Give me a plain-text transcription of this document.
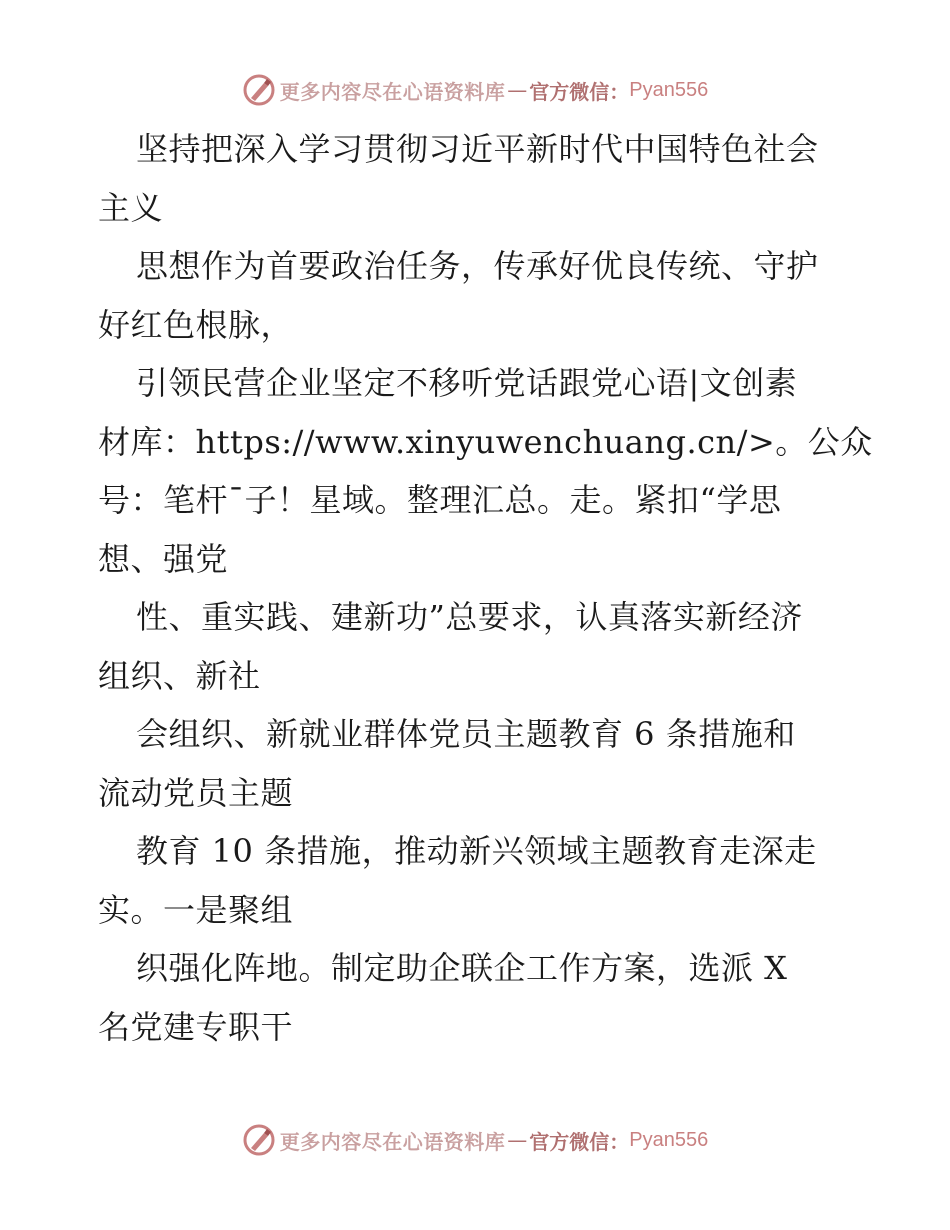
更多内容尽在心语资料库 — 官方微信： Pyan556
坚持把深入学习贯彻习近平新时代中国特色社会
主义
思想作为首要政治任务，传承好优良传统、守护
好红色根脉，
引领民营企业坚定不移听党话跟党心语|文创素
材库：https://www.xinyuwenchuang.cn/>。公众
号：笔杆¯子！星域。整理汇总。走。紧扣“学思
想、强党
性、重实践、建新功”总要求，认真落实新经济
组织、新社
会组织、新就业群体党员主题教育 6 条措施和
流动党员主题
教育 10 条措施，推动新兴领域主题教育走深走
实。一是聚组
织强化阵地。制定助企联企工作方案，选派 X
名党建专职干
更多内容尽在心语资料库 — 官方微信： Pyan556
